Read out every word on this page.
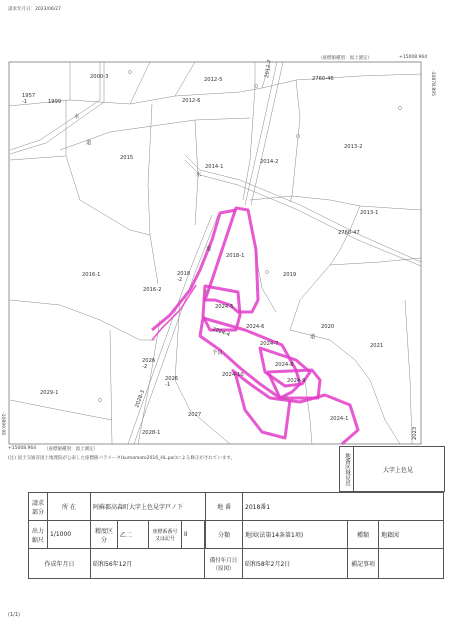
請求年月日：2023/06/27
（座標値種別：図上測定）	+15008.964
2000-3
1957 -1	1999
2012-5
2012-6
2012-7
2760-46
2015
2014-1
2014-2
2013-2
2013-1
2760-47
2018-1
2016-1	2018 -2
2016-2
2019
2024-5
2024-6
2024-4	2020
2021
2024-7
2024-8
2024-9
2026 -2
2026 -1
2024-10
2029-1	2028-3
2027
2028-1
2024-1
2023
水
水
道
道
道
予良
-10878.895
-10899.96
+15008.964 （座標値種別：図上測定）
(注) 国土交通省国土地理院が公表した座標値パラメータ(kumamoto2016_HL.par)による修正がされています。	地番区域見出	大字上色見
請求部分	所 在	阿蘇郡高森町大字上色見字戸ノ下				地 番	2018番1		
出力縮尺	1/1000	精度区分	乙二	座標系番号又は記号	II		分類	地図(法第14条第1項)	種類	地籍図
作成年月日		昭和56年12月				備付年月日（原図）	昭和58年2月2日	補記事項	
(1/1)
